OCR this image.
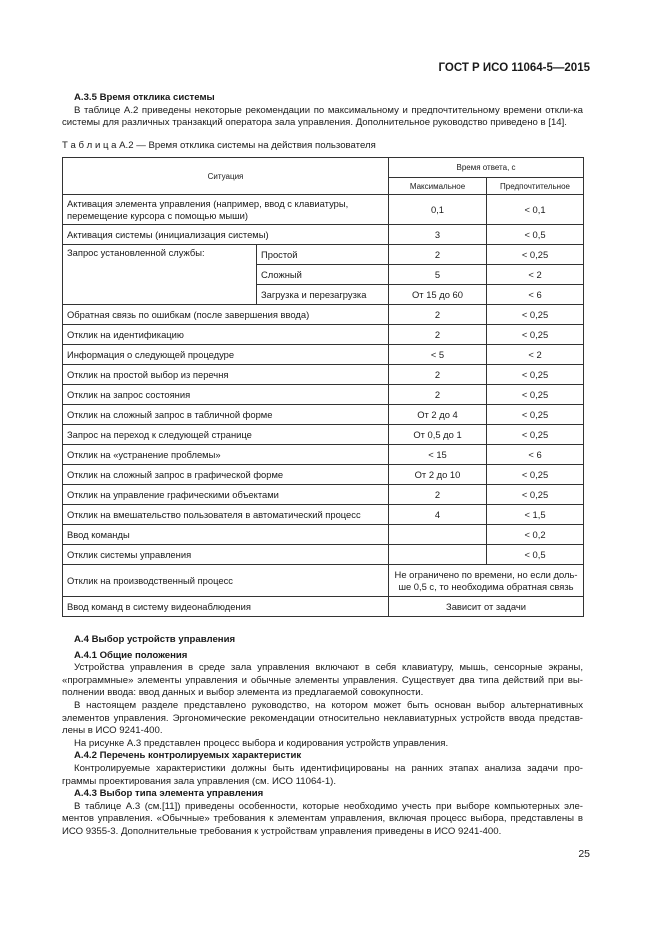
ГОСТ Р ИСО 11064-5—2015

А.3.5 Время отклика системы

В таблице А.2 приведены некоторые рекомендации по максимальному и предпочтительному времени откли-ка системы для различных транзакций оператора зала управления. Дополнительное руководство приведено в [14].

Т а б л и ц а А.2 — Время отклика системы на действия пользователя
Ситуация		Время ответа, с	
		Максимальное	Предпочтительное
Активация элемента управления (например, ввод с клавиатуры, перемещение курсора с помощью мыши)		0,1	< 0,1
Активация системы (инициализация системы)		3	< 0,5
Запрос установленной службы:	Простой	2	< 0,25
	Сложный	5	< 2
	Загрузка и перезагрузка	От 15 до 60	< 6
Обратная связь по ошибкам (после завершения ввода)		2	< 0,25
Отклик на идентификацию		2	< 0,25
Информация о следующей процедуре		< 5	< 2
Отклик на простой выбор из перечня		2	< 0,25
Отклик на запрос состояния		2	< 0,25
Отклик на сложный запрос в табличной форме		От 2 до 4	< 0,25
Запрос на переход к следующей странице		От 0,5 до 1	< 0,25
Отклик на «устранение проблемы»		< 15	< 6
Отклик на сложный запрос в графической форме		От 2 до 10	< 0,25
Отклик на управление графическими объектами		2	< 0,25
Отклик на вмешательство пользователя в автоматический процесс		4	< 1,5
Ввод команды			< 0,2
Отклик системы управления			< 0,5
Отклик на производственный процесс		Не ограничено по времени, но если доль-ше 0,5 с, то необходима обратная связь	
Ввод команд в систему видеонаблюдения		Зависит от задачи	

А.4 Выбор устройств управления

А.4.1 Общие положения

Устройства управления в среде зала управления включают в себя клавиатуру, мышь, сенсорные экраны, «программные» элементы управления и обычные элементы управления. Существует два типа действий при вы-полнении ввода: ввод данных и выбор элемента из предлагаемой совокупности.

В настоящем разделе представлено руководство, на котором может быть основан выбор альтернативных элементов управления. Эргономические рекомендации относительно неклавиатурных устройств ввода представ-лены в ИСО 9241-400.

На рисунке А.3 представлен процесс выбора и кодирования устройств управления.

А.4.2 Перечень контролируемых характеристик

Контролируемые характеристики должны быть идентифицированы на ранних этапах анализа задачи про-граммы проектирования зала управления (см. ИСО 11064-1).

А.4.3 Выбор типа элемента управления

В таблице А.3 (см.[11]) приведены особенности, которые необходимо учесть при выборе компьютерных эле-ментов управления. «Обычные» требования к элементам управления, включая процесс выбора, представлены в ИСО 9355-3. Дополнительные требования к устройствам управления приведены в ИСО 9241-400.

25
